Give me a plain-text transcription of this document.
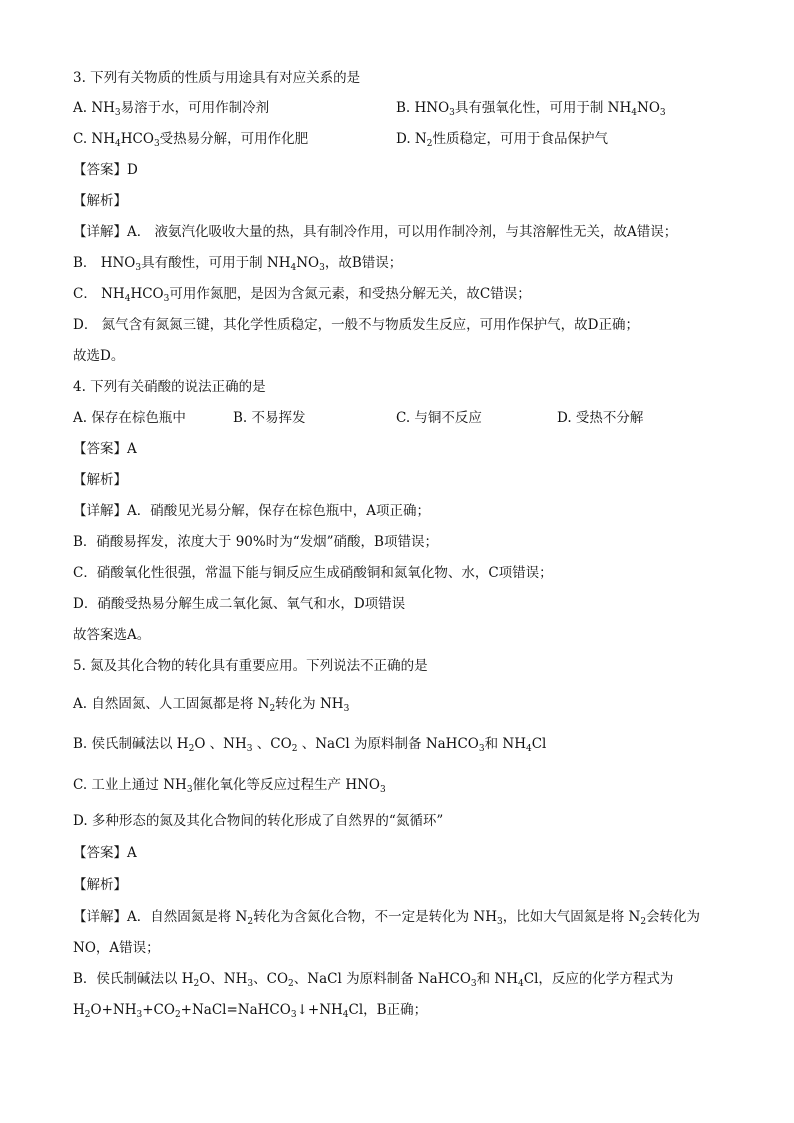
3. 下列有关物质的性质与用途具有对应关系的是
A. $NH_3$易溶于水，可用作制冷剂	B. $HNO_3$具有强氧化性，可用于制 $NH_4NO_3$
C. $NH_4HCO_3$受热易分解，可用作化肥	D. $N_2$性质稳定，可用于食品保护气
【答案】D
【解析】
【详解】A． 液氨汽化吸收大量的热，具有制冷作用，可以用作制冷剂，与其溶解性无关，故A错误；
B． $HNO_3$具有酸性，可用于制 $NH_4NO_3$，故B错误；
C． $NH_4HCO_3$可用作氮肥，是因为含氮元素，和受热分解无关，故C错误；
D． 氮气含有氮氮三键，其化学性质稳定，一般不与物质发生反应，可用作保护气，故D正确；
故选D。
4. 下列有关硝酸的说法正确的是
A. 保存在棕色瓶中	B. 不易挥发	C. 与铜不反应	D. 受热不分解
【答案】A
【解析】
【详解】A．硝酸见光易分解，保存在棕色瓶中，A项正确；
B．硝酸易挥发，浓度大于 90%时为“发烟”硝酸，B项错误；
C．硝酸氧化性很强，常温下能与铜反应生成硝酸铜和氮氧化物、水，C项错误；
D．硝酸受热易分解生成二氧化氮、氧气和水，D项错误
故答案选A。
5. 氮及其化合物的转化具有重要应用。下列说法不正确的是
A. 自然固氮、人工固氮都是将 $N_2$转化为 $NH_3$
B. 侯氏制碱法以 $H_2O$ 、$NH_3$ 、$CO_2$ 、NaCl 为原料制备 NaHCO$_3$和 $NH_4Cl$
C. 工业上通过 $NH_3$催化氧化等反应过程生产 $HNO_3$
D. 多种形态的氮及其化合物间的转化形成了自然界的“氮循环”
【答案】A
【解析】
【详解】A．自然固氮是将 $N_2$转化为含氮化合物，不一定是转化为 $NH_3$，比如大气固氮是将 $N_2$会转化为
NO，A错误；
B．侯氏制碱法以 $H_2O$、$NH_3$、$CO_2$、NaCl 为原料制备 NaHCO$_3$和 $NH_4Cl$，反应的化学方程式为
$H_2O+NH_3+CO_2+NaCl=NaHCO_3↓+NH_4Cl$，B正确；
